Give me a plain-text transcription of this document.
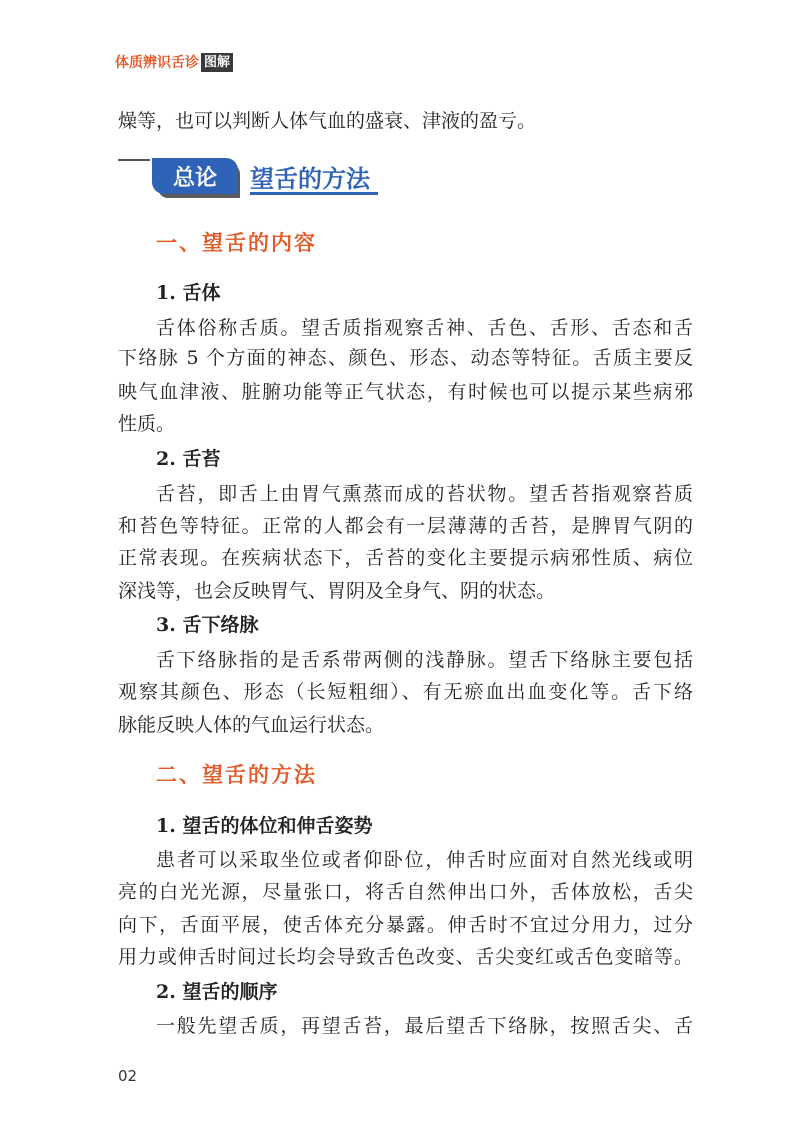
体质辨识舌诊 图解

燥等，也可以判断人体气血的盛衰、津液的盈亏。

总论	望舌的方法
一、望舌的内容
1. 舌体

舌体俗称舌质。望舌质指观察舌神、舌色、舌形、舌态和舌

下络脉 5 个方面的神态、颜色、形态、动态等特征。舌质主要反

映气血津液、脏腑功能等正气状态，有时候也可以提示某些病邪

性质。

2. 舌苔

舌苔，即舌上由胃气熏蒸而成的苔状物。望舌苔指观察苔质

和苔色等特征。正常的人都会有一层薄薄的舌苔，是脾胃气阴的

正常表现。在疾病状态下，舌苔的变化主要提示病邪性质、病位

深浅等，也会反映胃气、胃阴及全身气、阴的状态。

3. 舌下络脉

舌下络脉指的是舌系带两侧的浅静脉。望舌下络脉主要包括

观察其颜色、形态（长短粗细）、有无瘀血出血变化等。舌下络

脉能反映人体的气血运行状态。

二、望舌的方法
1. 望舌的体位和伸舌姿势

患者可以采取坐位或者仰卧位，伸舌时应面对自然光线或明

亮的白光光源，尽量张口，将舌自然伸出口外，舌体放松，舌尖

向下，舌面平展，使舌体充分暴露。伸舌时不宜过分用力，过分

用力或伸舌时间过长均会导致舌色改变、舌尖变红或舌色变暗等。

2. 望舌的顺序

一般先望舌质，再望舌苔，最后望舌下络脉，按照舌尖、舌

02
